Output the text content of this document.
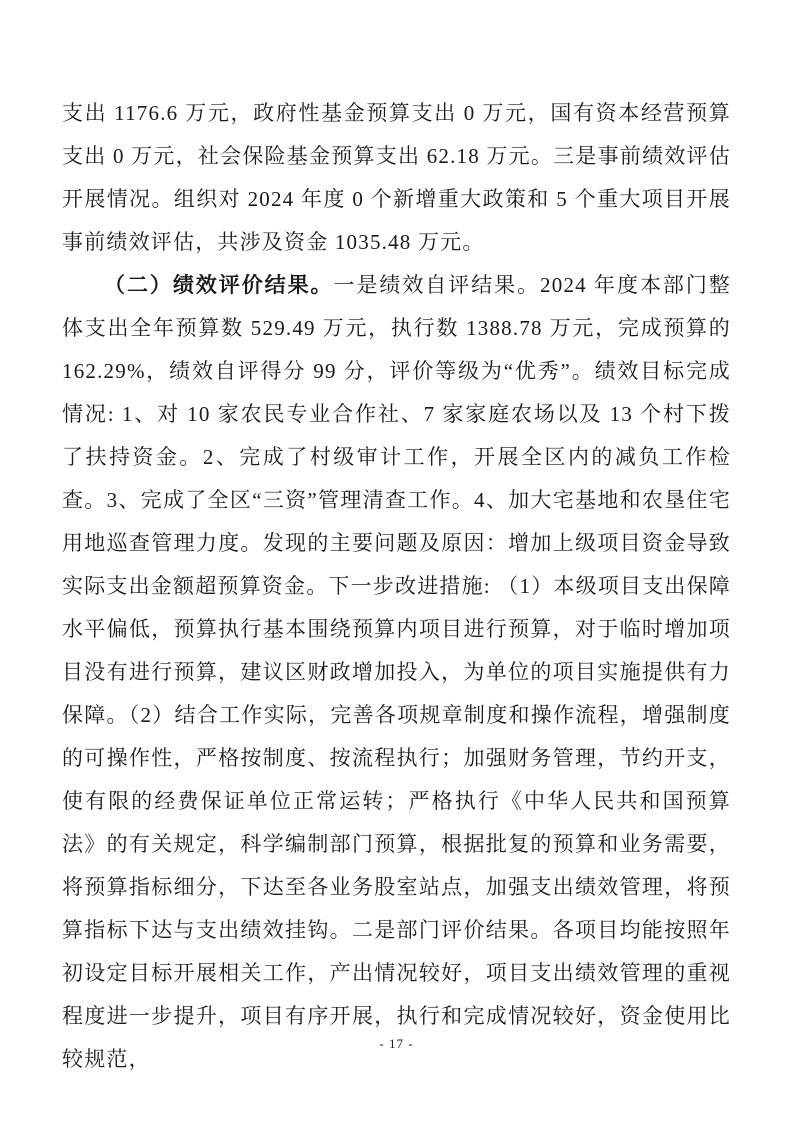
支出 1176.6 万元，政府性基金预算支出 0 万元，国有资本经营预算支出 0 万元，社会保险基金预算支出 62.18 万元。三是事前绩效评估开展情况。组织对 2024 年度 0 个新增重大政策和 5 个重大项目开展事前绩效评估，共涉及资金 1035.48 万元。

（二）绩效评价结果。一是绩效自评结果。2024 年度本部门整体支出全年预算数 529.49 万元，执行数 1388.78 万元，完成预算的 162.29%，绩效自评得分 99 分，评价等级为“优秀”。绩效目标完成情况: 1、对 10 家农民专业合作社、7 家家庭农场以及 13 个村下拨了扶持资金。2、完成了村级审计工作，开展全区内的减负工作检查。3、完成了全区“三资”管理清查工作。4、加大宅基地和农垦住宅用地巡查管理力度。发现的主要问题及原因：增加上级项目资金导致实际支出金额超预算资金。下一步改进措施: （1）本级项目支出保障水平偏低，预算执行基本围绕预算内项目进行预算，对于临时增加项目没有进行预算，建议区财政增加投入，为单位的项目实施提供有力保障。（2）结合工作实际，完善各项规章制度和操作流程，增强制度的可操作性，严格按制度、按流程执行；加强财务管理，节约开支，使有限的经费保证单位正常运转；严格执行《中华人民共和国预算法》的有关规定，科学编制部门预算，根据批复的预算和业务需要，将预算指标细分，下达至各业务股室站点，加强支出绩效管理，将预算指标下达与支出绩效挂钩。二是部门评价结果。各项目均能按照年初设定目标开展相关工作，产出情况较好，项目支出绩效管理的重视程度进一步提升，项目有序开展，执行和完成情况较好，资金使用比较规范，

- 17 -
